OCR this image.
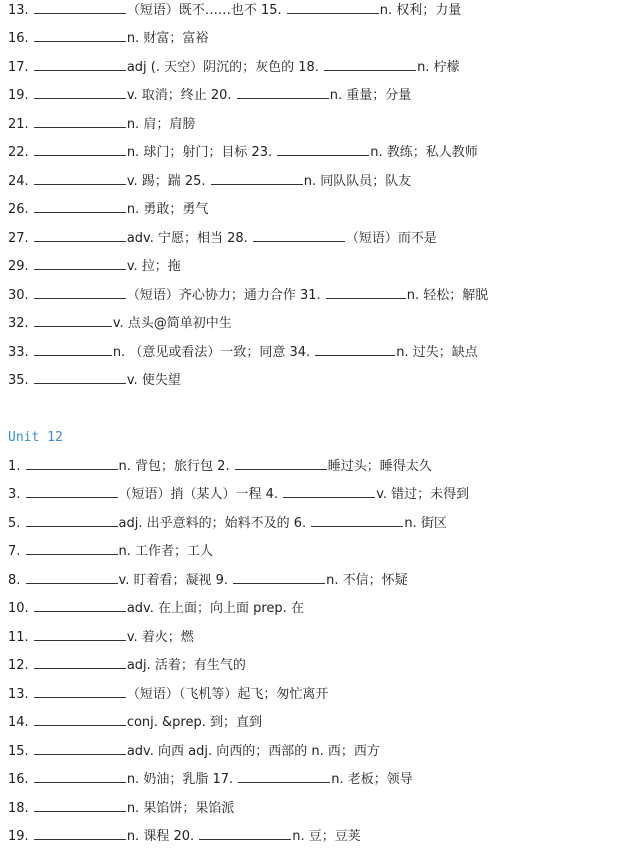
13.	（短语）既不……也不 15.	n. 权利；力量
16.	n. 财富；富裕
17.	adj (. 天空）阴沉的；灰色的 18.	n. 柠檬
19.	v. 取消；终止 20.	n. 重量；分量
21.	n. 肩；肩膀
22.	n. 球门；射门；目标 23.	n. 教练；私人教师
24.	v. 踢；踹 25.	n. 同队队员；队友
26.	n. 勇敢；勇气
27.	adv. 宁愿；相当 28.	（短语）而不是
29.	v. 拉；拖
30.	（短语）齐心协力；通力合作 31.	n. 轻松；解脱
32.	v. 点头@简单初中生
33.	n. （意见或看法）一致；同意 34.	n. 过失；缺点
35.	v. 使失望
Unit 12
1.	n. 背包；旅行包 2.	睡过头；睡得太久
3.	（短语）捎（某人）一程 4.	v. 错过；未得到
5.	adj. 出乎意料的；始料不及的 6.	n. 街区
7.	n. 工作者；工人
8.	v. 盯着看；凝视 9.	n. 不信；怀疑
10.	adv. 在上面；向上面 prep. 在
11.	v. 着火；燃
12.	adj. 活着；有生气的
13.	（短语）（飞机等）起飞；匆忙离开
14.	conj. &prep. 到；直到
15.	adv. 向西 adj. 向西的；西部的 n. 西；西方
16.	n. 奶油；乳脂 17.	n. 老板；领导
18.	n. 果馅饼；果馅派
19.	n. 课程 20.	n. 豆；豆荚
